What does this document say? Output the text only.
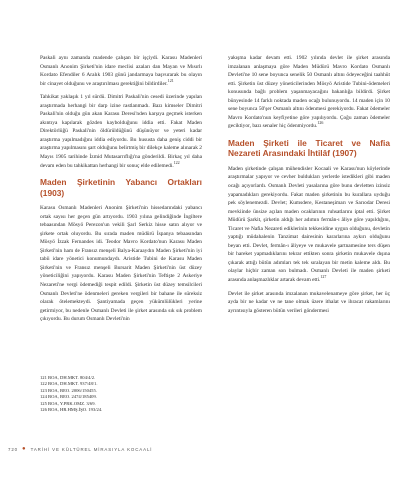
Paskali aynı zamanda madende çalışan bir işçiydi. Karasu Madenleri Osmanlı Anonim Şirketi'nin idare meclisi azaları dan Mayan ve Mısırlı Kordato Efendiler 6 Aralık 1903 günü jandarmaya başvurarak bu olayın bir cinayet olduğunu ve araştırılması gerektiğini bildirdiler.$^{121}$

Tahkikat yaklaşık 1 yıl sürdü. Dimitri Paskali'nin cesedi üzerinde yapılan araştırmada herhangi bir darp izine rastlanmadı. Bazı kimseler Dimitri Paskali'nin olduğu gün akan Karasu Deresi'nden karşıya geçmek isterken akıntıya kapılarak gözden kaybolduğunu iddia etti. Fakat Maden Direktörlüğü Paskali'nin öldürüldüğünü düşünüyor ve yeteri kadar araştırma yapılmadığını iddia ediyordu. Bu hususta daha geniş ciddi bir araştırma yapılmasını şart olduğunu belirtmiş bir dilekçe kaleme alınarak 2 Mayıs 1905 tarihinde İzmid Mutasarrıflığı'na gönderildi. Birkaç yıl daha devam eden bu tahkikattan herhangi bir sonuç elde edilemedi.$^{122}$

Maden Şirketinin Yabancı Ortakları (1903)

Karasu Osmanlı Madenleri Anonim Şirketi'nin hissedarındaki yabancı ortak sayısı her geçen gün artıyordu. 1903 yılına gelindiğinde İngiltere tebaasından Mösyö Perezon'un vekili Şarl Serkiz hisse satın alıyor ve şirkete ortak oluyordu. Bu sırada maden müdürü İspanya tebaasından Mösyö İzzak Fernandes idi. Teodor Mavro Kordato'nun Karasu Maden Şirketi'nin ham de Fransız menşeli Balya-Karaaydın Maden Şirketi'nin iyi tabii idare yönetici konumundaydı. Aristide Tubini de Karasu Maden Şirketi'nin ve Fransız menşeli Bursarit Maden Şirketi'nin üst düzey yöneticiliğini yapıyordu. Karasu Maden Şirketi'nin Teftişte 2 Askeriye Nezareti'ne vergi ödemediği tespit edildi. Şirketin üst düzey temsilcileri Osmanlı Devleti'ne ödenmeleri gereken vergileri bir bahane ile süreksiz olarak ötelemekteydi. Şantiyamada geçen yükümlülükleri yerine getirmiyor, bu nedenle Osmanlı Devleti ile şirket arasında sık sık problem çıkıyordu. Bu durum Osmanlı Devleti'nin

121 BOA, DH.MKT. 804/4/2.
122 BOA, DH.MKT. 937/48/1.
123 BOA, BEO. 2006/150455.
124 BOA, BEO. 2474/185409.
125 BOA, Y.PRK.OMZ. 3/69.
126 BOA, HR.HMŞ.İŞO. 193/24.

yakışma kadar devam etti. 1902 yılında devlet ile şirket arasında imzalanan anlaşmaya göre Maden Müdürü Mavro Kordato Osmanlı Devleti'ne 10 sene boyunca senelik 50 Osmanlı altını ödeyeceğini taahhüt etti. Şirketin üst düzey yöneticilerinden Mösyö Aristide Tubini-ödemeleri konusunda bağlı problem yaşanmayacağını bakanlığa bildirdi. Şirket bünyesinde 14 farklı noktada maden ocağı bulunuyordu. 14 maden için 10 sene boyunca 50'şer Osmanlı altını ödenmesi gerekiyordu. Fakat ödemeler Mavro Kordato'nun keyfiyetine göre yapılıyordu. Çoğu zaman ödemeler geciktiyor, bazı senaler hiç ödenmiyordu.$^{126}$

Maden Şirketi ile Ticaret ve Nafia Nezareti Arasındaki İhtilâf (1907)

Maden şirketinde çalışan mühendisler Kocaali ve Karasu'nun köylerinde araştırmalar yapıyor ve cevher buldukları yerlerde istedikleri gibi maden ocağı açıyorlardı. Osmanlı Devleti yasalarına göre bunu devletten izinsiz yapamadıkları gerekiyordu. Fakat maden şirketinin bu kurallara uyduğu pek söylenemezdi. Devlet; Kumsdere, Kestaneşimarı ve Sarıodar Deresi mevkiinde ünsize açılan maden ocaklarının ruhsatlarını iptal etti. Şirket Müdürü Şarkit, şirketin aldığı her adımın fermân-ı âliye göre yapıldığını, Ticaret ve Nafia Nezareti ediklerinin tekkesidine uygun olduğunu, devletin yaptığı müdahalenin Tanzimat dairesinin kararlarına aykırı olduğunu beyan etti. Devlet, fermân-ı âliyeye ve mukavele şartnamesine ters düşen bir hareket yapmadıklarını tekrar ettikten sonra şirketin mukavele dışına çıkarak attığı bütün adımları tek tek sıralayan bir metin kaleme aldı. Bu olaylar hiçbir zaman son bulmadı. Osmanlı Devleti ile maden şirketi arasında anlaşmazlıklar artarak devam etti.$^{127}$

Devlet ile şirket arasında imzalanan mukavelenameye göre şirket, her üç ayda bir ne kadar ve ne tane olmak üzere ithalat ve ihracat rakamlarını ayrıntısıyla gösteren bütün verileri göndermesi

720 ● TARİHİ VE KÜLTÜREL MİRASIYLA KOCAALİ
